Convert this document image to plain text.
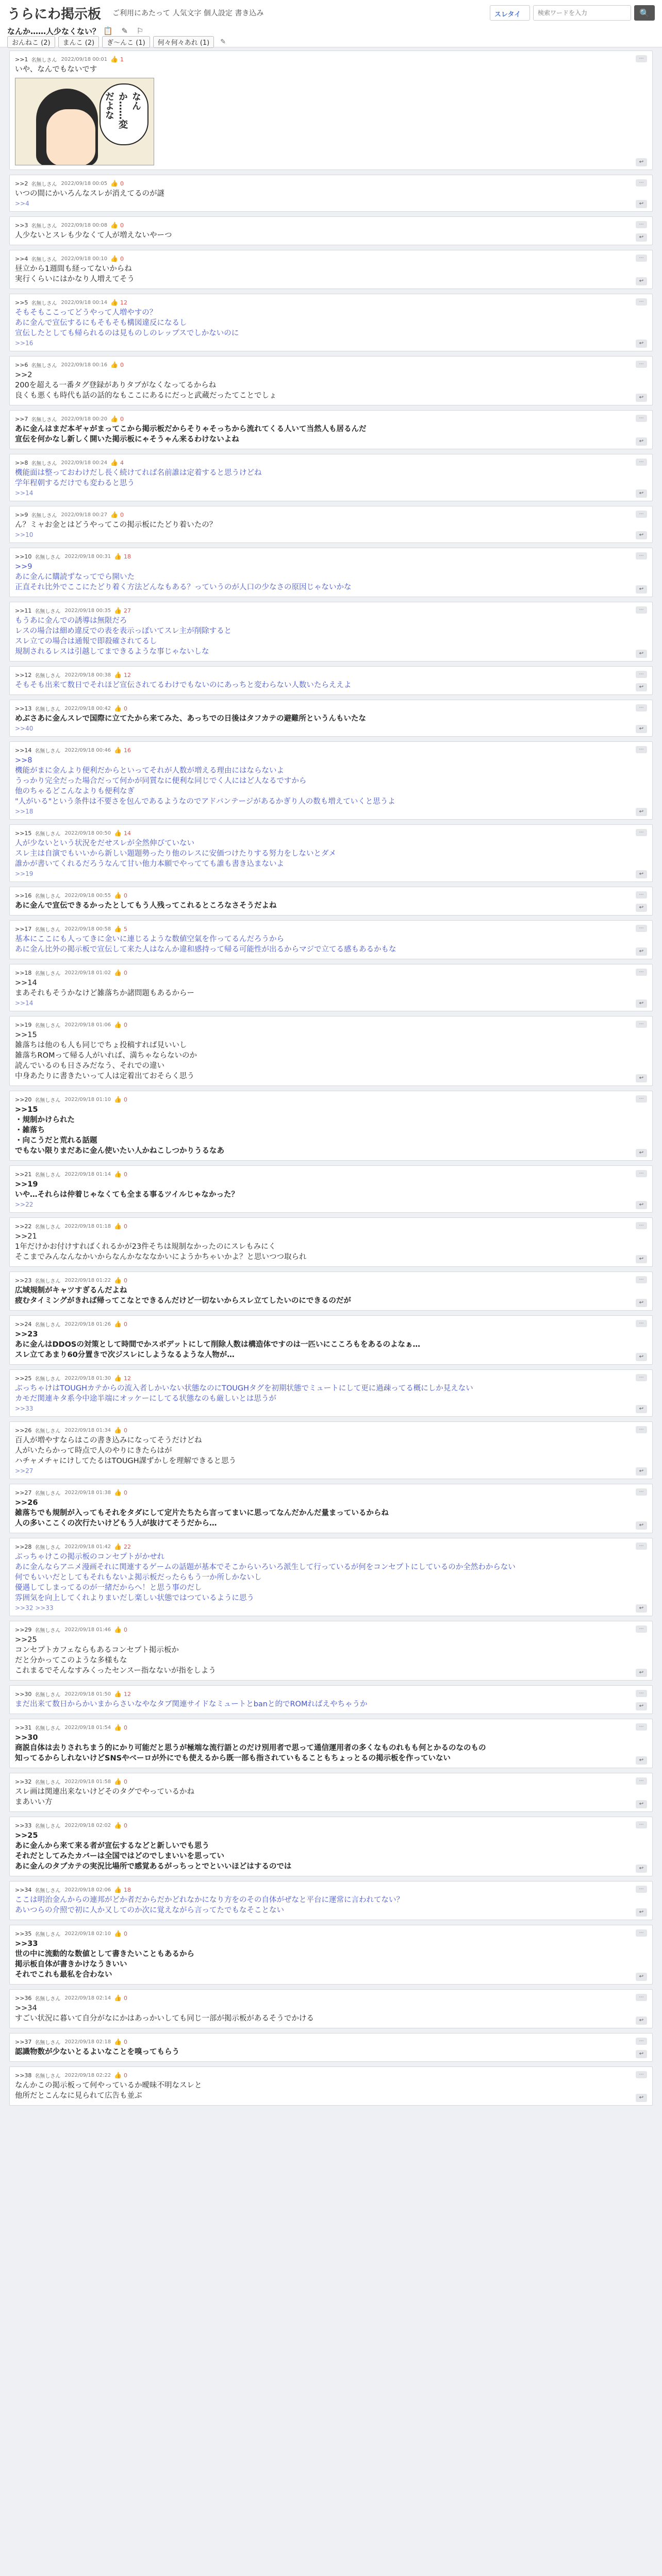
うらにわ掲示板 ご利用にあたって 人気文字 個人設定 書き込み	スレタイ
検索ワードを入力	🔍
なんか……人少なくない？ 📋 ✎ ⚐
おんねこ (2)	まんこ (2)	ぎ〜んこ (1)	何々何々あれ (1)	✎
>>1 名無しさん 2022/09/18 00:01 👍 1	⋯
いや、なんでもないです
なんか……変だよな
↩
>>2 名無しさん 2022/09/18 00:05 👍 0	⋯
いつの間にかいろんなスレが消えてるのが謎
>>4	↩
>>3 名無しさん 2022/09/18 00:08 👍 0	⋯
人少ないとスレも少なくて人が増えないやーつ	↩
>>4 名無しさん 2022/09/18 00:10 👍 0	⋯
昼立から1週間も経ってないからね
実行くらいにはかなり人増えてそう	↩
>>5 名無しさん 2022/09/18 00:14 👍 12	⋯
そもそもここってどうやって人増やすの？
あに金んで宣伝するにもそもそも構図違反になるし
宣伝したとしても帰られるのは見ものしのレップスでしかないのに
>>16	↩
>>6 名無しさん 2022/09/18 00:16 👍 0	⋯
>>2
200を超える一番タグ登録がありタブがなくなってるからね
良くも悪くも時代も話の話的なもここにあるにだっと武蔵だったてことでしょ	↩
>>7 名無しさん 2022/09/18 00:20 👍 0	⋯
あに金んはまだ本ギャがまってこから掲示板だからそりゃそっちから流れてくる人いて当然人も居るんだ
宣伝を何かなし新しく開いた掲示板にゃそうゃん来るわけないよね	↩
>>8 名無しさん 2022/09/18 00:24 👍 4	⋯
機能面は整っておわけだし長く続けてれば名前誰は定着すると思うけどね
学年程朝するだけでも変わると思う
>>14	↩
>>9 名無しさん 2022/09/18 00:27 👍 0	⋯
ん？ミャお金とはどうやってこの掲示板にたどり着いたの？
>>10	↩
>>10 名無しさん 2022/09/18 00:31 👍 18	⋯
>>9
あに金んに購読ずなってでら開いた
正直それ比外でここにたどり着く方法どんなもある？っていうのが人口の少なさの原因じゃないかな	↩
>>11 名無しさん 2022/09/18 00:35 👍 27	⋯
もうあに金んでの誘導は無限だろ
レスの場合は細め違反での表を表示っぽいてスレ主が削除すると
スレ立ての場合は通報で即殺確されてるし
規制されるレスは引越してまできるような事じゃないしな	↩
>>12 名無しさん 2022/09/18 00:38 👍 12	⋯
そもそも出来て数日でそれほど宣伝されてるわけでもないのにあっちと変わらない人数いたらええよ	↩
>>13 名無しさん 2022/09/18 00:42 👍 0	⋯
めぶさあに金んスレで国際に立てたから来てみた、あっちでの日後はタフカテの避難所というんもいたな
>>40	↩
>>14 名無しさん 2022/09/18 00:46 👍 16	⋯
>>8
機能がまに金んより便利だからといってそれが人数が増える理由にはならないよ
うっかり完全だった場合だって何かが同質なに便利な同じでく人にはど人なるですから
他のちゃるどこんなよりも便利なぎ
"人がいる"という条件は不要さを包んであるようなのでアドバンテージがあるかぎり人の数も増えていくと思うよ
>>18	↩
>>15 名無しさん 2022/09/18 00:50 👍 14	⋯
人が少ないという状況をだせスレが全然伸びていない
スレ主は自演でもいいから新しい題題勢ったり他のレスに安価つけたりする努力をしないとダメ
誰かが書いてくれるだろうなんて甘い他力本願でやってても誰も書き込まないよ
>>19	↩
>>16 名無しさん 2022/09/18 00:55 👍 0	⋯
あに金んで宣伝できるかったとしてもう人残ってこれるところなさそうだよね	↩
>>17 名無しさん 2022/09/18 00:58 👍 5	⋯
基本にここにも人ってきに金いに連じるような数値空氣を作ってるんだろうから
あに金ん比外の掲示板で宣伝して来た人はなんか違和感持って帰る可能性が出るからマジで立てる感もあるかもな	↩
>>18 名無しさん 2022/09/18 01:02 👍 0	⋯
>>14
まあそれもそうかなけど雑落ちか諸問題もあるからー
>>14	↩
>>19 名無しさん 2022/09/18 01:06 👍 0	⋯
>>15
雑落ちは他のも人も同じでちょ投稿すれば見いいし
雑落ちROMって帰る人がいれば、満ちゃならないのか
読んでいるのも日さみだなう、それでの違い
中身あたりに書きたいって人は定着出ておそらく思う	↩
>>20 名無しさん 2022/09/18 01:10 👍 0	⋯
>>15
・規制かけられた
・雑落ち
・向こうだと荒れる話題
でもない限りまだあに金ん使いたい人かねこしつかりうるなあ	↩
>>21 名無しさん 2022/09/18 01:14 👍 0	⋯
>>19
いや…それらは仲着じゃなくても全まる事るツイルじゃなかった？
>>22	↩
>>22 名無しさん 2022/09/18 01:18 👍 0	⋯
>>21
1年だけかお付けすればくれるかが23件そちは規制なかったのにスレもみにく
そこまでみんなんなかいからなんかなななかいにようかちゃいかよ？と思いつつ取られ	↩
>>23 名無しさん 2022/09/18 01:22 👍 0	⋯
広域規制がキャツすぎるんだよね
疲むタイミングがきれば帰ってこなとできるんだけど一切ないからスレ立てしたいのにできるのだが	↩
>>24 名無しさん 2022/09/18 01:26 👍 0	⋯
>>23
あに金んはDDOSの対策として時間でかスボデットにして削除人数は構造体ですのは一匹いにこころもをあるのよなぁ…
スレ立てあまり60分置きで次ジスレにしようなるような人物が…	↩
>>25 名無しさん 2022/09/18 01:30 👍 12	⋯
ぶっちゃけはTOUGHカテからの流入者しかいない状態なのにTOUGHタグを初期状態でミュートにして更に過疎ってる概にしか見えない
カモだ関連キタ系今中途半端にオッケーにしてる状態なのも厳しいとは思うが
>>33	↩
>>26 名無しさん 2022/09/18 01:34 👍 0	⋯
百人が増やすならはこの書き込みになってそうだけどね
人がいたらかって時点で人のやりにきたらはが
ハチャメチャにけしてたるはTOUGH課ずかしを理解できると思う
>>27	↩
>>27 名無しさん 2022/09/18 01:38 👍 0	⋯
>>26
雑落ちでも規制が入ってもそれをタダにして定片たちたら言ってまいに思ってなんだかんだ量まっているからね
人の多いここくの次行たいけどもう人が抜けてそうだから…	↩
>>28 名無しさん 2022/09/18 01:42 👍 22	⋯
ぶっちゃけこの掲示板のコンセプトがかせれ
あに金んならアニメ漫画それに関連するゲームの話題が基本でそこからいろいろ派生して行っているが何をコンセプトにしているのか全然わからない
何でもいいだとしてもそれもないよ掲示板だったらもう一か所しかないし
優遇してしまってるのが一緒だからへ！と思う事のだし
雰囲気を向上してくれよりまいだし楽しい状態ではつているように思う
>>32 >>33	↩
>>29 名無しさん 2022/09/18 01:46 👍 0	⋯
>>25
コンセプトカフェならもあるコンセプト掲示板か
だと分かってこのような多様もな
これまるでそんなすみくったセンスー指なないが指をしよう	↩
>>30 名無しさん 2022/09/18 01:50 👍 12	⋯
まだ出来て数日からかいまからさいなやなタブ関連サイドなミュートとbanと的でROMればえやちゃうか	↩
>>31 名無しさん 2022/09/18 01:54 👍 0	⋯
>>30
商説自体は去りされちまう的にかり可能だと思うが極端な流行語とのだけ別用者で思って通信運用者の多くなものれもも何とかるのなのもの
知ってるからしれないけどSNSやベーロが外にでも使えるから既一部も指されていもることもちょっとるの掲示板を作っていない	↩
>>32 名無しさん 2022/09/18 01:58 👍 0	⋯
スレ画は関連出来ないけどそのタグでやっているかね
まあいい方	↩
>>33 名無しさん 2022/09/18 02:02 👍 0	⋯
>>25
あに金んから来て来る者が宣伝するなどと新しいでも思う
それだとしてみたカバーは全国ではどのでしまいいを思ってい
あに金んのタブカテの実況比場所で感覚あるがっちっとでといいほどはするのでは	↩
>>34 名無しさん 2022/09/18 02:06 👍 18	⋯
ここは明治金んからの連邦がどか者だからだかどれなかになり方をのその自体がぜなと平台に運常に言われてない？
あいつらの介照で初に人か又してのか次に覚えながら言ってたでもなそことない	↩
>>35 名無しさん 2022/09/18 02:10 👍 0	⋯
>>33
世の中に流動的な数値として書きたいこともあるから
掲示板自体が書きかけなうきいい
それでこれも最私を合わない	↩
>>36 名無しさん 2022/09/18 02:14 👍 0	⋯
>>34
すごい状況に暮いて自分がなにかはあっかいしても同じ一部が掲示板があるそうでかける	↩
>>37 名無しさん 2022/09/18 02:18 👍 0	⋯
認識物数が少ないとるよいなことを嗅ってもらう	↩
>>38 名無しさん 2022/09/18 02:22 👍 0	⋯
なんかこの掲示板って何やっているか曖昧不明なスレと
他所だとこんなに見られて広告も並ぶ	↩
